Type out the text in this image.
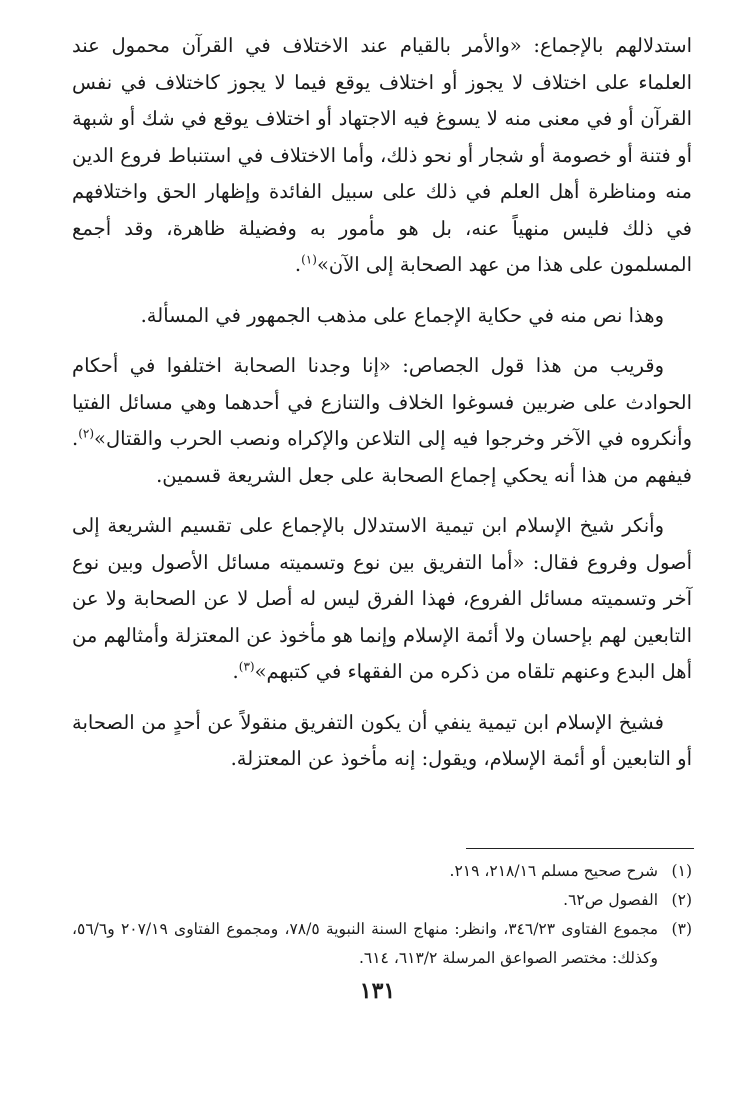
استدلالهم بالإجماع: «والأمر بالقيام عند الاختلاف في القرآن محمول عند العلماء على اختلاف لا يجوز أو اختلاف يوقع فيما لا يجوز كاختلاف في نفس القرآن أو في معنى منه لا يسوغ فيه الاجتهاد أو اختلاف يوقع في شك أو شبهة أو فتنة أو خصومة أو شجار أو نحو ذلك، وأما الاختلاف في استنباط فروع الدين منه ومناظرة أهل العلم في ذلك على سبيل الفائدة وإظهار الحق واختلافهم في ذلك فليس منهياً عنه، بل هو مأمور به وفضيلة ظاهرة، وقد أجمع المسلمون على هذا من عهد الصحابة إلى الآن»$^{(١)}$.

وهذا نص منه في حكاية الإجماع على مذهب الجمهور في المسألة.

وقريب من هذا قول الجصاص: «إنا وجدنا الصحابة اختلفوا في أحكام الحوادث على ضربين فسوغوا الخلاف والتنازع في أحدهما وهي مسائل الفتيا وأنكروه في الآخر وخرجوا فيه إلى التلاعن والإكراه ونصب الحرب والقتال»$^{(٢)}$. فيفهم من هذا أنه يحكي إجماع الصحابة على جعل الشريعة قسمين.

وأنكر شيخ الإسلام ابن تيمية الاستدلال بالإجماع على تقسيم الشريعة إلى أصول وفروع فقال: «أما التفريق بين نوع وتسميته مسائل الأصول وبين نوع آخر وتسميته مسائل الفروع، فهذا الفرق ليس له أصل لا عن الصحابة ولا عن التابعين لهم بإحسان ولا أئمة الإسلام وإنما هو مأخوذ عن المعتزلة وأمثالهم من أهل البدع وعنهم تلقاه من ذكره من الفقهاء في كتبهم»$^{(٣)}$.

فشيخ الإسلام ابن تيمية ينفي أن يكون التفريق منقولاً عن أحدٍ من الصحابة أو التابعين أو أئمة الإسلام، ويقول: إنه مأخوذ عن المعتزلة.

(١)
شرح صحيح مسلم ٢١٨/١٦، ٢١٩.
(٢)
الفصول ص٦٢.
(٣)
مجموع الفتاوى ٣٤٦/٢٣، وانظر: منهاج السنة النبوية ٧٨/٥، ومجموع الفتاوى ٢٠٧/١٩ و٥٦/٦، وكذلك: مختصر الصواعق المرسلة ٦١٣/٢، ٦١٤.
١٣١
